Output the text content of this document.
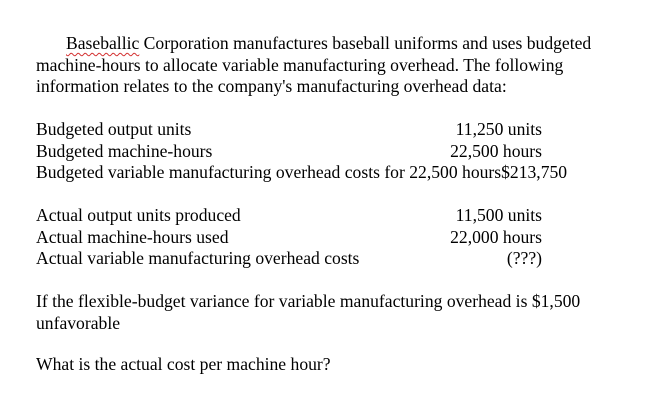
Baseballic Corporation manufactures baseball uniforms and uses budgeted
machine-hours to allocate variable manufacturing overhead. The following
information relates to the company's manufacturing overhead data:
Budgeted output units	11,250 units
Budgeted machine-hours	22,500 hours
Budgeted variable manufacturing overhead costs for 22,500 hours$213,750
Actual output units produced	11,500 units
Actual machine-hours used	22,000 hours
Actual variable manufacturing overhead costs	(???)
If the flexible-budget variance for variable manufacturing overhead is $1,500
unfavorable
What is the actual cost per machine hour?
